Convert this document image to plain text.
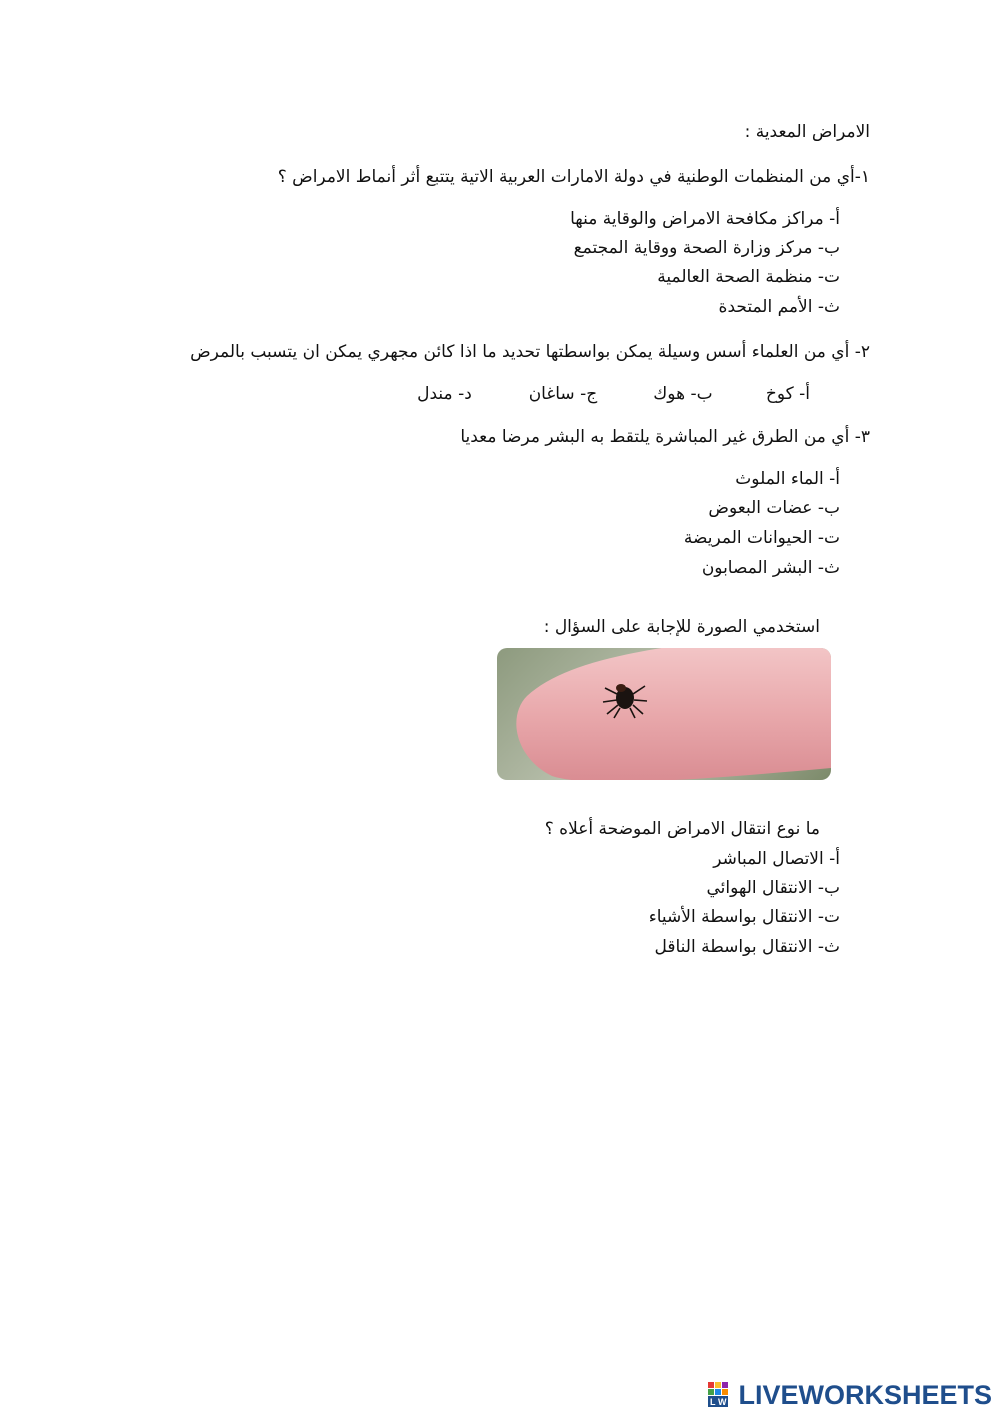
الامراض المعدية :

١-أي من المنظمات الوطنية في دولة الامارات العربية الاتية يتتبع أثر أنماط الامراض ؟

أ- مراكز مكافحة الامراض والوقاية منها

ب- مركز وزارة الصحة ووقاية المجتمع

ت- منظمة الصحة العالمية

ث- الأمم المتحدة

٢- أي من العلماء أسس وسيلة يمكن بواسطتها تحديد ما اذا كائن مجهري يمكن ان يتسبب بالمرض

أ- كوخ ب- هوك ج- ساغان د- مندل

٣- أي من الطرق غير المباشرة يلتقط به البشر مرضا معديا

أ- الماء الملوث

ب- عضات البعوض

ت- الحيوانات المريضة

ث- البشر المصابون

استخدمي الصورة للإجابة على السؤال :

ما نوع انتقال الامراض الموضحة أعلاه ؟

أ- الاتصال المباشر

ب- الانتقال الهوائي

ت- الانتقال بواسطة الأشياء

ث- الانتقال بواسطة الناقل

L W LIVEWORKSHEETS
